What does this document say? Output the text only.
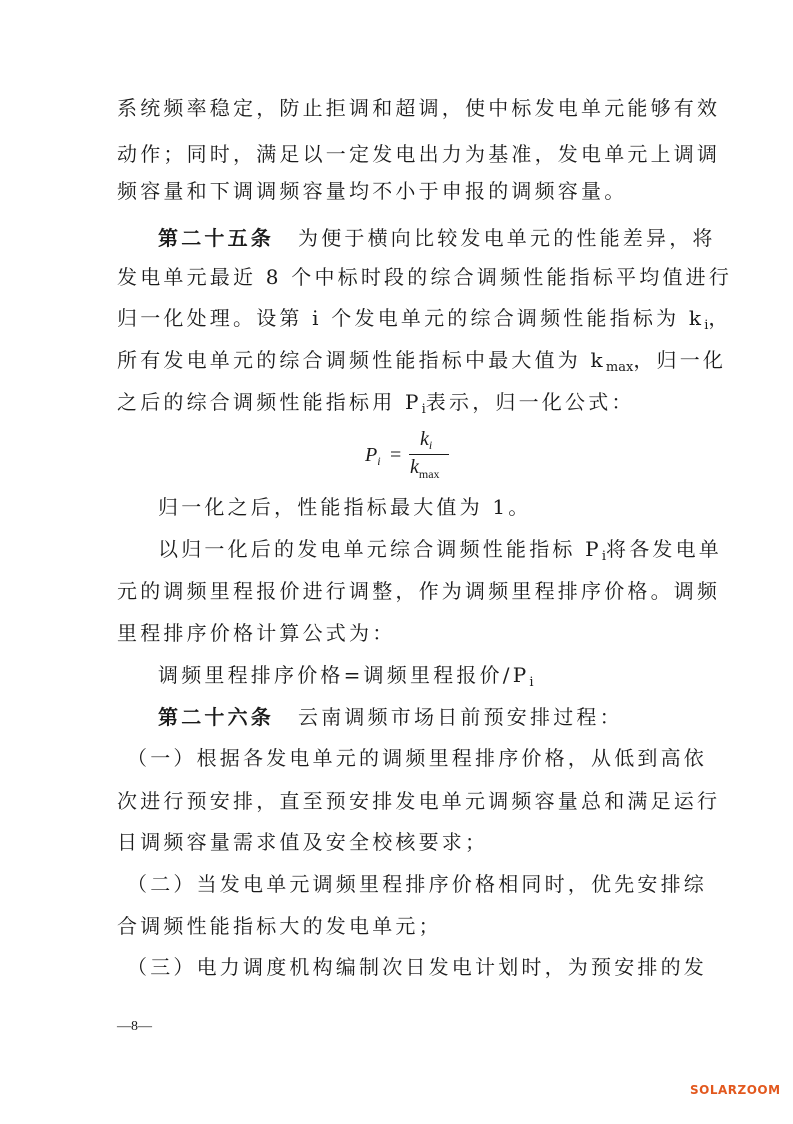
系统频率稳定，防止拒调和超调，使中标发电单元能够有效
动作；同时，满足以一定发电出力为基准，发电单元上调调
频容量和下调调频容量均不小于申报的调频容量。
第二十五条 为便于横向比较发电单元的性能差异，将
发电单元最近 8 个中标时段的综合调频性能指标平均值进行
归一化处理。设第 i 个发电单元的综合调频性能指标为 $k_i$，
所有发电单元的综合调频性能指标中最大值为 $k_{max}$，归一化
之后的综合调频性能指标用 $P_i$表示，归一化公式：
$P_i$ =
$k_i$
$k_{max}$
归一化之后，性能指标最大值为 1。
以归一化后的发电单元综合调频性能指标 $P_i$将各发电单
元的调频里程报价进行调整，作为调频里程排序价格。调频
里程排序价格计算公式为：
调频里程排序价格=调频里程报价$/P_i$
第二十六条 云南调频市场日前预安排过程：
（一）根据各发电单元的调频里程排序价格，从低到高依
次进行预安排，直至预安排发电单元调频容量总和满足运行
日调频容量需求值及安全校核要求；
（二）当发电单元调频里程排序价格相同时，优先安排综
合调频性能指标大的发电单元；
（三）电力调度机构编制次日发电计划时，为预安排的发
—8—
SOLARZOOM
